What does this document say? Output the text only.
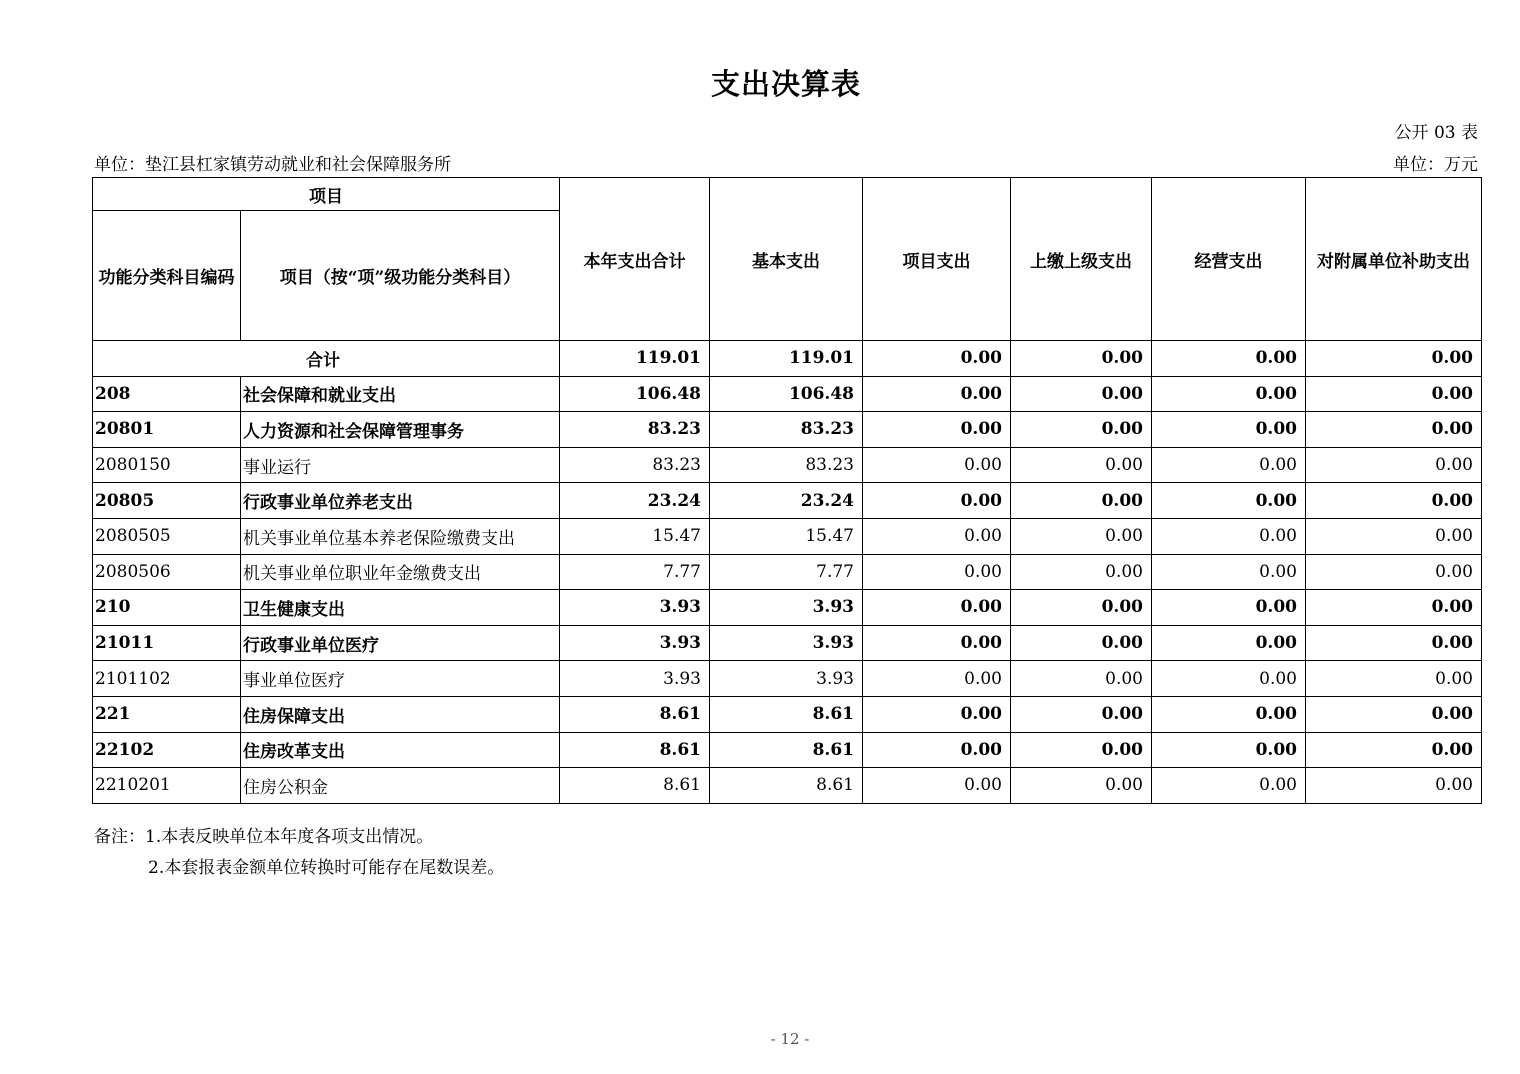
支出决算表
公开 03 表
单位：垫江县杠家镇劳动就业和社会保障服务所	单位：万元
项目		本年支出合计	基本支出	项目支出	上缴上级支出	经营支出	对附属单位补助支出
功能分类科目编码	项目（按“项”级功能分类科目）						
合计		119.01	119.01	0.00	0.00	0.00	0.00
208	社会保障和就业支出	106.48	106.48	0.00	0.00	0.00	0.00
20801	人力资源和社会保障管理事务	83.23	83.23	0.00	0.00	0.00	0.00
2080150	事业运行	83.23	83.23	0.00	0.00	0.00	0.00
20805	行政事业单位养老支出	23.24	23.24	0.00	0.00	0.00	0.00
2080505	机关事业单位基本养老保险缴费支出	15.47	15.47	0.00	0.00	0.00	0.00
2080506	机关事业单位职业年金缴费支出	7.77	7.77	0.00	0.00	0.00	0.00
210	卫生健康支出	3.93	3.93	0.00	0.00	0.00	0.00
21011	行政事业单位医疗	3.93	3.93	0.00	0.00	0.00	0.00
2101102	事业单位医疗	3.93	3.93	0.00	0.00	0.00	0.00
221	住房保障支出	8.61	8.61	0.00	0.00	0.00	0.00
22102	住房改革支出	8.61	8.61	0.00	0.00	0.00	0.00
2210201	住房公积金	8.61	8.61	0.00	0.00	0.00	0.00
备注：1.本表反映单位本年度各项支出情况。
2.本套报表金额单位转换时可能存在尾数误差。
- 12 -
